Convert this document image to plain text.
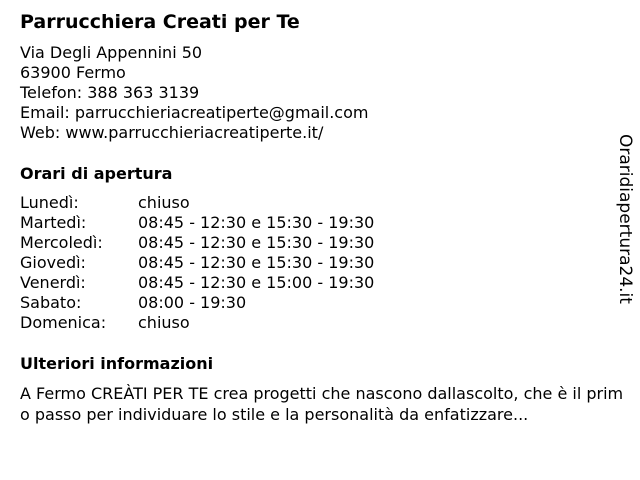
Parrucchiera Creati per Te
Via Degli Appennini 50
63900 Fermo
Telefon: 388 363 3139
Email: parrucchieriacreatiperte@gmail.com
Web: www.parrucchieriacreatiperte.it/
Orari di apertura
Lunedì:	chiuso
Martedì:	08:45 - 12:30 e 15:30 - 19:30
Mercoledì:	08:45 - 12:30 e 15:30 - 19:30
Giovedì:	08:45 - 12:30 e 15:30 - 19:30
Venerdì:	08:45 - 12:30 e 15:00 - 19:30
Sabato:	08:00 - 19:30
Domenica:	chiuso
Ulteriori informazioni
A Fermo CREÀTI PER TE crea progetti che nascono dallascolto, che è il primo passo per individuare lo stile e la personalità da enfatizzare...
Oraridiapertura24.it
